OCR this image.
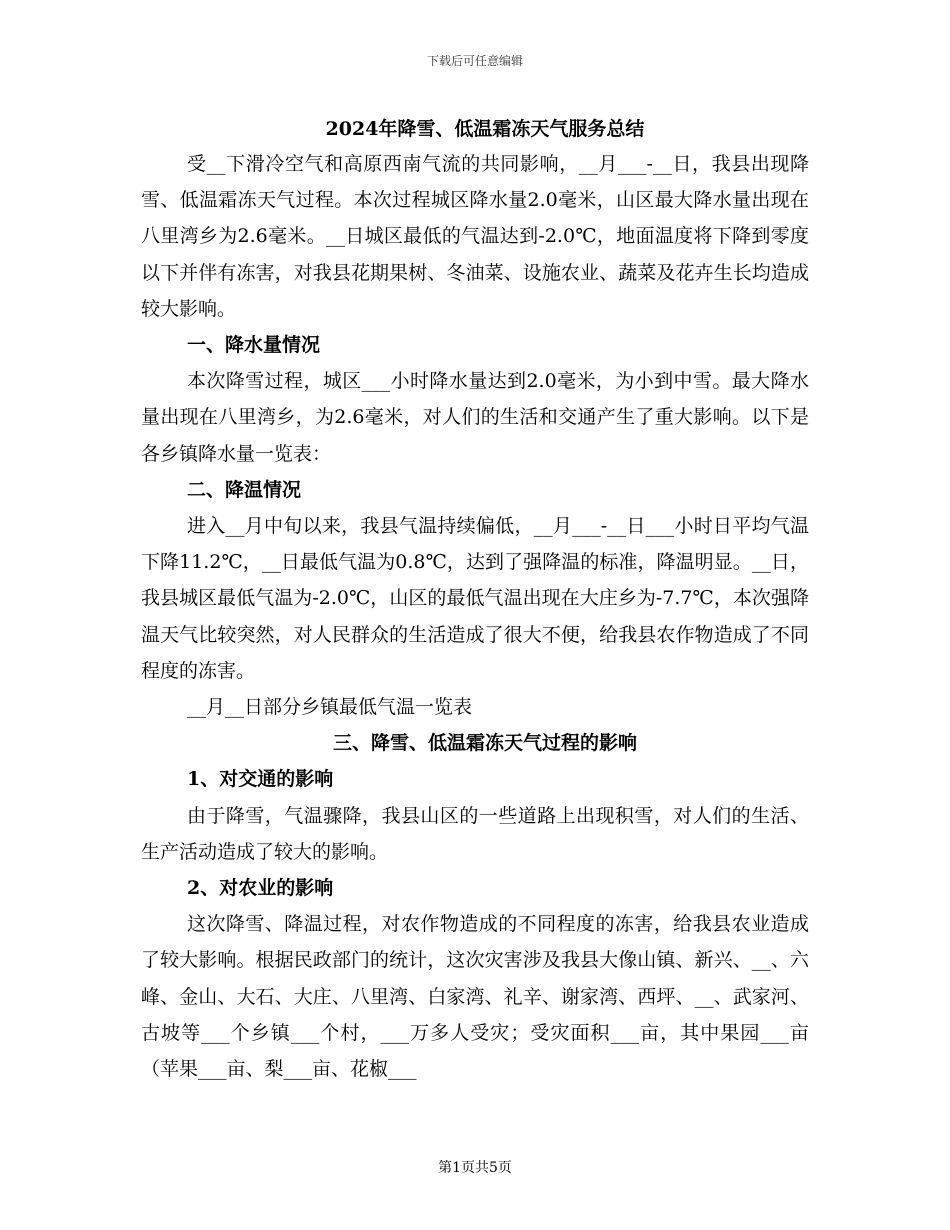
下载后可任意编辑
2024年降雪、低温霜冻天气服务总结

受__下滑冷空气和高原西南气流的共同影响，__月___-__日，我县出现降雪、低温霜冻天气过程。本次过程城区降水量2.0毫米，山区最大降水量出现在八里湾乡为2.6毫米。__日城区最低的气温达到-2.0℃，地面温度将下降到零度以下并伴有冻害，对我县花期果树、冬油菜、设施农业、蔬菜及花卉生长均造成较大影响。

一、降水量情况

本次降雪过程，城区___小时降水量达到2.0毫米，为小到中雪。最大降水量出现在八里湾乡，为2.6毫米，对人们的生活和交通产生了重大影响。以下是各乡镇降水量一览表：

二、降温情况

进入__月中旬以来，我县气温持续偏低，__月___-__日___小时日平均气温下降11.2℃，__日最低气温为0.8℃，达到了强降温的标准，降温明显。__日，我县城区最低气温为-2.0℃，山区的最低气温出现在大庄乡为-7.7℃，本次强降温天气比较突然，对人民群众的生活造成了很大不便，给我县农作物造成了不同程度的冻害。

__月__日部分乡镇最低气温一览表

三、降雪、低温霜冻天气过程的影响
1、对交通的影响

由于降雪，气温骤降，我县山区的一些道路上出现积雪，对人们的生活、生产活动造成了较大的影响。

2、对农业的影响

这次降雪、降温过程，对农作物造成的不同程度的冻害，给我县农业造成了较大影响。根据民政部门的统计，这次灾害涉及我县大像山镇、新兴、__、六峰、金山、大石、大庄、八里湾、白家湾、礼辛、谢家湾、西坪、__、武家河、古坡等___个乡镇___个村，___万多人受灾；受灾面积___亩，其中果园___亩（苹果___亩、梨___亩、花椒___

第1页共5页
